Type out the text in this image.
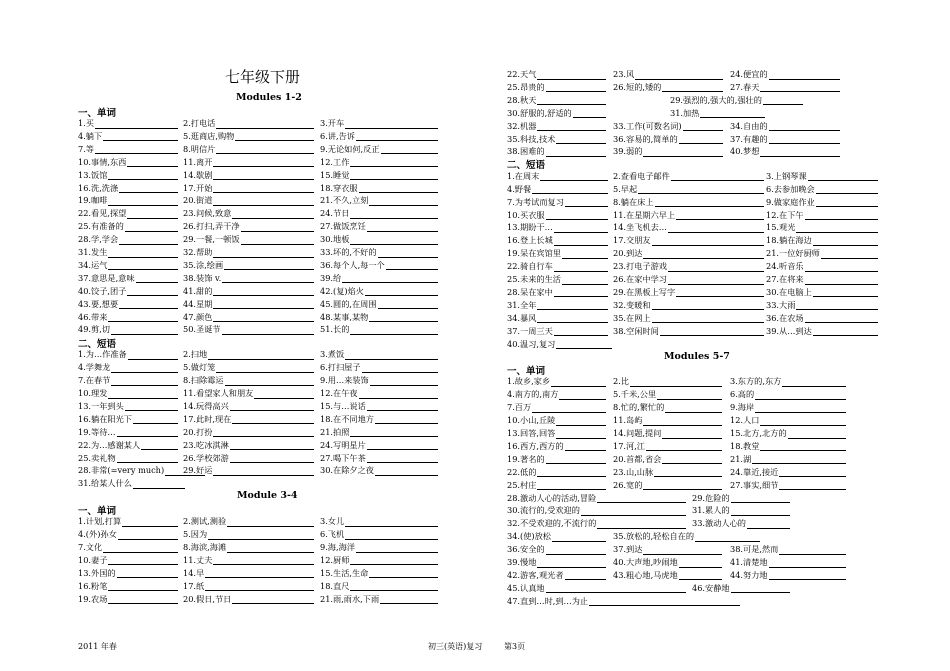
七年级下册
Modules 1-2
一、单词
1.买	2.打电话	3.开车
4.躺下	5.逛商店,购物	6.讲,告诉
7.等	8.明信片	9.无论如何,反正
10.事情,东西	11.离开	12.工作
13.饭馆	14.歇剧	15.睡觉
16.洗,洗涤	17.开始	18.穿衣服
19.咖啡	20.街道	21.不久,立刻
22.看见,探望	23.问候,致意	24.节日
25.有准备的	26.打扫,弄干净	27.做饭烹饪
28.学,学会	29.一餐,一顿饭	30.地板
31.发生	32.帮助	33.坏的,不好的
34.运气	35.涂,绘画	36.每个人,每一个
37.意思是,意味	38.装饰 v.	39.给
40.饺子,团子	41.甜的	42.(复)焰火
43.要,想要	44.星期	45.圆的,在周围
46.带来	47.颜色	48.某事,某物
49.剪,切	50.圣诞节	51.长的
二、短语
1.为…作准备	2.扫地	3.煮饭
4.学舞龙	5.做灯笼	6.打扫屋子
7.在春节	8.扫除霉运	9.用…来装饰
10.理发	11.看望家人和朋友	12.在午夜
13.一年到头	14.玩得高兴	15.与…说话
16.躺在阳光下	17.此时,现在	18.在不同地方
19.等待…	20.打扮	21.拍照
22.为…感谢某人	23.吃冰淇淋	24.写明星片
25.卖礼物	26.学校郊游	27.喝下午茶
28.非常(=very much) 29.好运	30.在除夕之夜
31.给某人什么
Module 3-4
一、单词
1.计划,打算	2.测试,测验	3.女儿
4.(外)孙女	5.因为	6.飞机
7.文化	8.海滨,海滩	9.海,海洋
10.妻子	11.丈夫	12.厨师
13.外国的	14.早	15.生活,生命
16.粉笔	17.纸	18.直尺
19.农场	20.假日,节日	21.雨,雨水,下雨
22.天气	23.风	24.便宜的
25.昂贵的	26.短的,矮的	27.春天
28.秋天	29.强烈的,强大的,强壮的
30.舒服的,舒适的	31.加热
32.机器	33.工作(可数名词)	34.自由的
35.科技,技术	36.容易的,简单的	37.有趣的
38.困难的	39.弱的	40.梦想
二、短语
1.在周末	2.查看电子邮件	3.上钢琴课
4.野餐	5.早起	6.去参加晚会
7.为考试而复习	8.躺在床上	9.做家庭作业
10.买衣服	11.在星期六早上	12.在下午
13.期盼干…	14.坐飞机去…	15.观光
16.登上长城	17.交朋友	18.躺在海边
19.呆在宾馆里	20.到达	21.一位好厨师
22.骑自行车	23.打电子游戏	24.听音乐
25.未来的生活	26.在家中学习	27.在将来
28.呆在家中	29.在黑板上写字	30.在电脑上
31.全年	32.变暖和	33.大雨
34.暴风	35.在网上	36.在农场
37.一周三天	38.空闲时间	39.从…到达
40.温习,复习
Modules 5-7
一、单词
1.故乡,家乡	2.比	3.东方的,东方
4.南方的,南方	5.千米,公里	6.高的
7.百万	8.忙的,繁忙的	9.海岸
10.小山,丘陵	11.岛屿	12.人口
13.回答,回答	14.问题,提问	15.北方,北方的
16.西方,西方的	17.河,江	18.教堂
19.著名的	20.首都,省会	21.湖
22.低的	23.山,山脉	24.靠近,接近
25.村庄	26.宽的	27.事实,细节
28.激动人心的活动,冒险	29.危险的
30.流行的,受欢迎的	31.累人的
32.不受欢迎的,不流行的	33.激动人心的
34.(使)放松	35.放松的,轻松自在的
36.安全的	37.到达	38.可是,然而
39.慢地	40.大声地,吵闹地	41.清楚地
42.游客,观光者	43.粗心地,马虎地	44.努力地
45.认真地	46.安静地
47.直到…时,到…为止
2011 年春	初三(英语)复习	第3页
